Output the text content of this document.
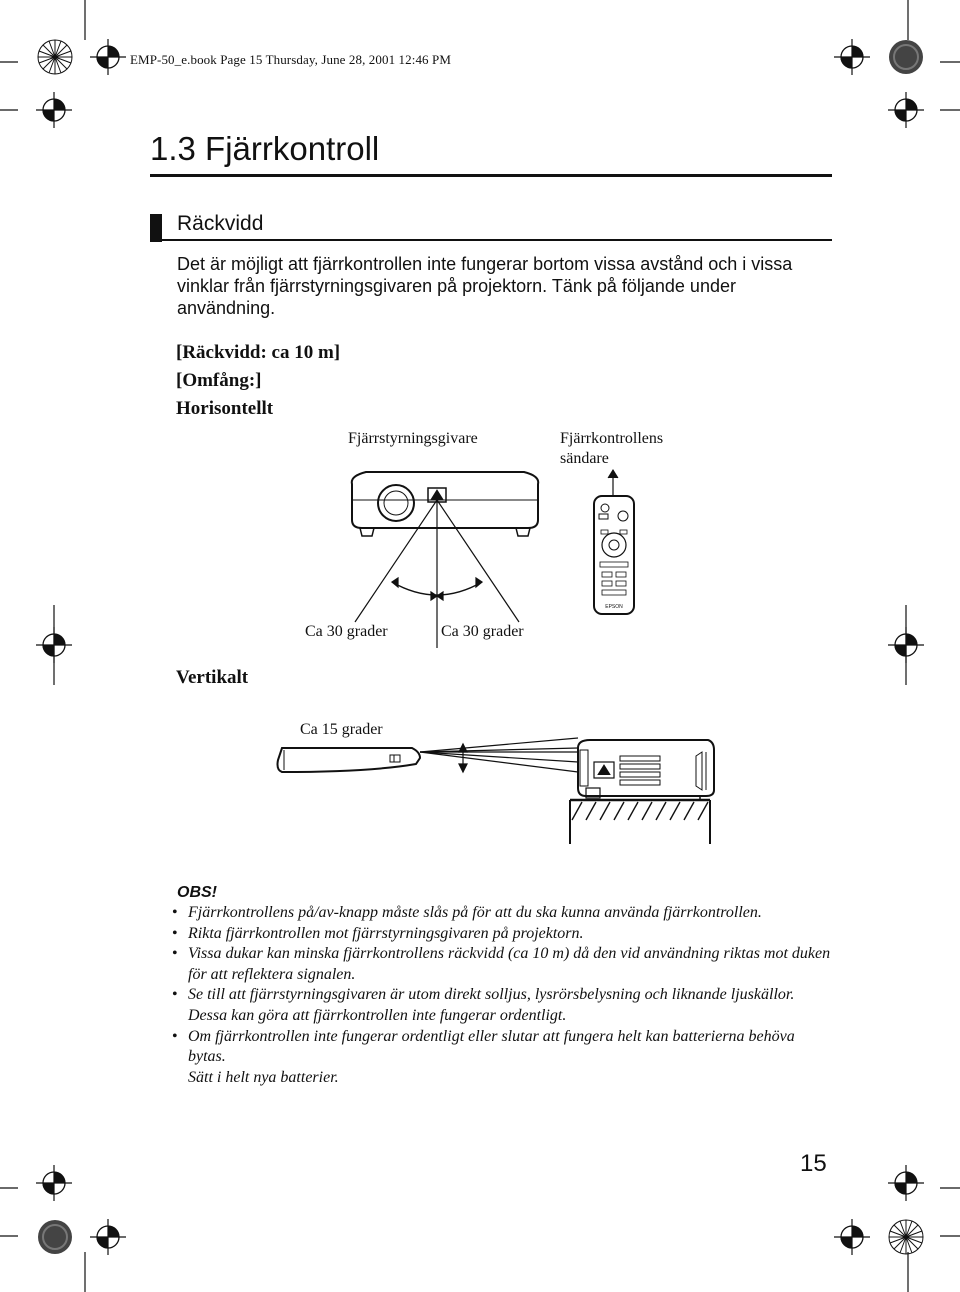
EMP-50_e.book Page 15 Thursday, June 28, 2001 12:46 PM
1.3 Fjärrkontroll
Räckvidd
Det är möjligt att fjärrkontrollen inte fungerar bortom vissa avstånd och i vissa vinklar från fjärrstyrningsgivaren på projektorn. Tänk på följande under användning.
[Räckvidd: ca 10 m]
[Omfång:]
Horisontellt
Vertikalt
Fjärrstyrningsgivare	Fjärrkontrollens
sändare
Ca 30 grader	Ca 30 grader
Ca 15 grader
EPSON
OBS!
• Fjärrkontrollens på/av-knapp måste slås på för att du ska kunna använda fjärrkontrollen.
• Rikta fjärrkontrollen mot fjärrstyrningsgivaren på projektorn.
• Vissa dukar kan minska fjärrkontrollens räckvidd (ca 10 m) då den vid användning riktas mot duken för att reflektera signalen.
• Se till att fjärrstyrningsgivaren är utom direkt solljus, lysrörsbelysning och liknande ljuskällor.
Dessa kan göra att fjärrkontrollen inte fungerar ordentligt.
• Om fjärrkontrollen inte fungerar ordentligt eller slutar att fungera helt kan batterierna behöva bytas.
Sätt i helt nya batterier.
15
